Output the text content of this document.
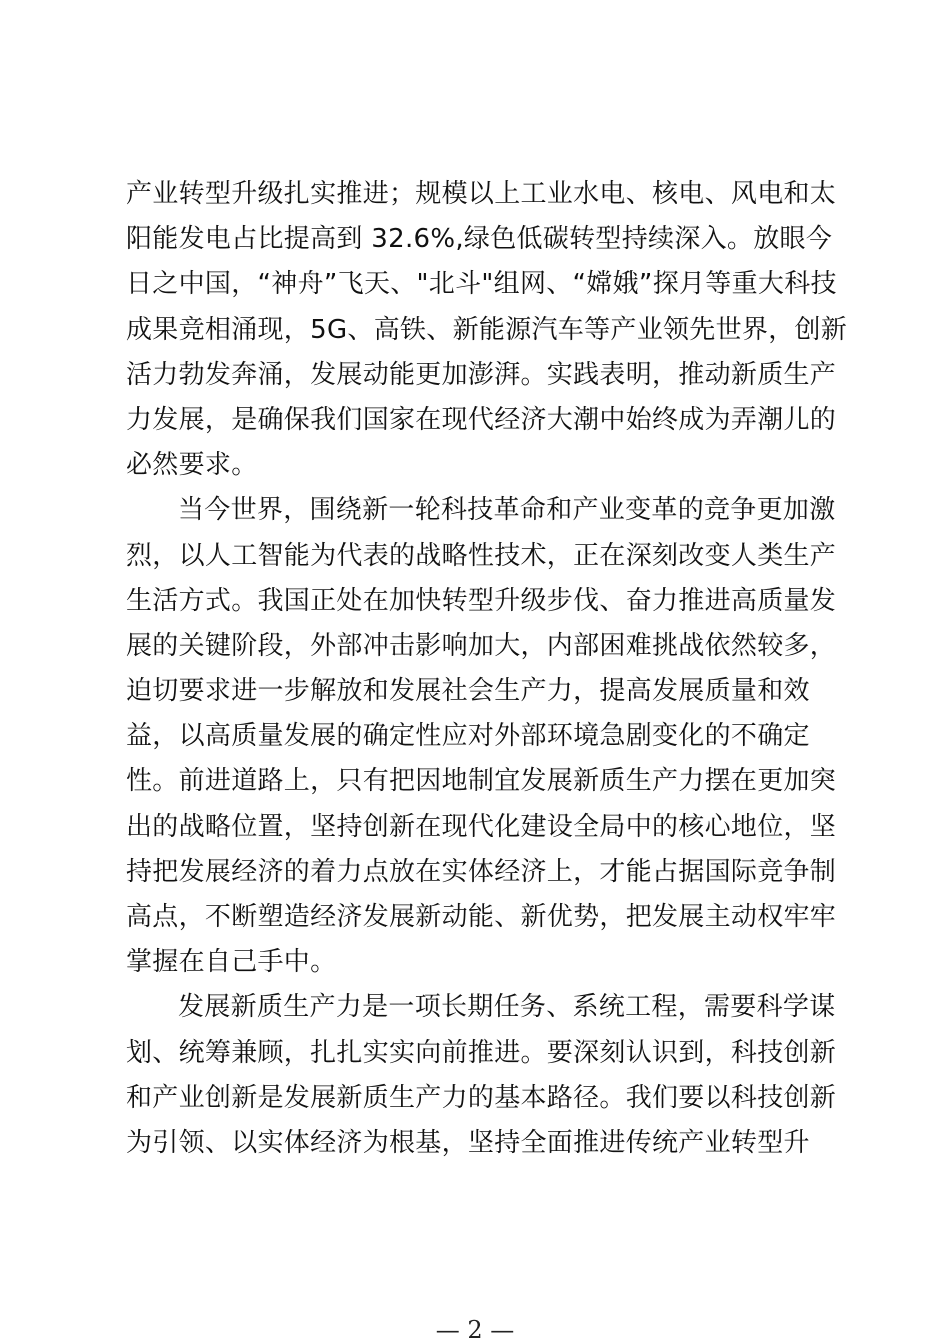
产业转型升级扎实推进；规模以上工业水电、核电、风电和太
阳能发电占比提高到 32.6%,绿色低碳转型持续深入。放眼今
日之中国，“神舟”飞天、"北斗"组网、“嫦娥”探月等重大科技
成果竞相涌现，5G、高铁、新能源汽车等产业领先世界，创新
活力勃发奔涌，发展动能更加澎湃。实践表明，推动新质生产
力发展，是确保我们国家在现代经济大潮中始终成为弄潮儿的
必然要求。
当今世界，围绕新一轮科技革命和产业变革的竞争更加激
烈，以人工智能为代表的战略性技术，正在深刻改变人类生产
生活方式。我国正处在加快转型升级步伐、奋力推进高质量发
展的关键阶段，外部冲击影响加大，内部困难挑战依然较多，
迫切要求进一步解放和发展社会生产力，提高发展质量和效
益，以高质量发展的确定性应对外部环境急剧变化的不确定
性。前进道路上，只有把因地制宜发展新质生产力摆在更加突
出的战略位置，坚持创新在现代化建设全局中的核心地位，坚
持把发展经济的着力点放在实体经济上，才能占据国际竞争制
高点，不断塑造经济发展新动能、新优势，把发展主动权牢牢
掌握在自己手中。
发展新质生产力是一项长期任务、系统工程，需要科学谋
划、统筹兼顾，扎扎实实向前推进。要深刻认识到，科技创新
和产业创新是发展新质生产力的基本路径。我们要以科技创新
为引领、以实体经济为根基，坚持全面推进传统产业转型升
— 2 —
